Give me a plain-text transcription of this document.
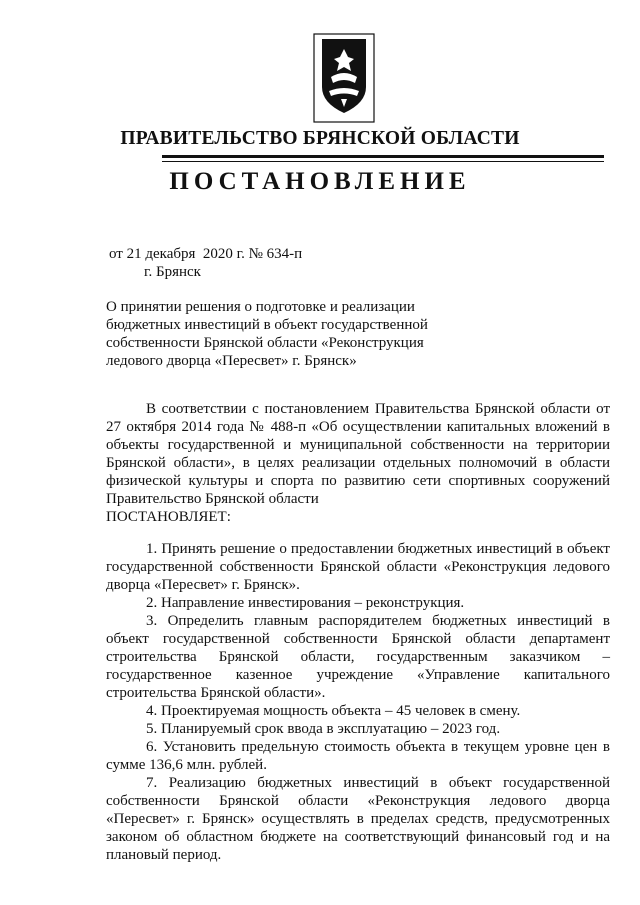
ПРАВИТЕЛЬСТВО БРЯНСКОЙ ОБЛАСТИ
ПОСТАНОВЛЕНИЕ

от 21 декабря  2020 г. № 634-п

г. Брянск

О принятии решения о подготовке и реализации бюджетных инвестиций в объект государственной собственности Брянской области «Реконструкция ледового дворца «Пересвет» г. Брянск»

В соответствии с постановлением Правительства Брянской области от 27 октября 2014 года № 488-п «Об осуществлении капитальных вложений в объекты государственной и муниципальной собственности на территории Брянской области», в целях реализации отдельных полномочий в области физической культуры и спорта по развитию сети спортивных сооружений Правительство Брянской области

ПОСТАНОВЛЯЕТ:

1. Принять решение о предоставлении бюджетных инвестиций в объект государственной собственности Брянской области «Реконструкция ледового дворца «Пересвет» г. Брянск».

2. Направление инвестирования – реконструкция.

3. Определить главным распорядителем бюджетных инвестиций в объект государственной собственности Брянской области департамент строительства Брянской области, государственным заказчиком – государственное казенное учреждение «Управление капитального строительства Брянской области».

4. Проектируемая мощность объекта – 45 человек в смену.

5. Планируемый срок ввода в эксплуатацию – 2023 год.

6. Установить предельную стоимость объекта в текущем уровне цен в сумме 136,6 млн. рублей.

7. Реализацию бюджетных инвестиций в объект государственной собственности Брянской области «Реконструкция ледового дворца «Пересвет» г. Брянск» осуществлять в пределах средств, предусмотренных законом об областном бюджете на соответствующий финансовый год и на плановый период.
